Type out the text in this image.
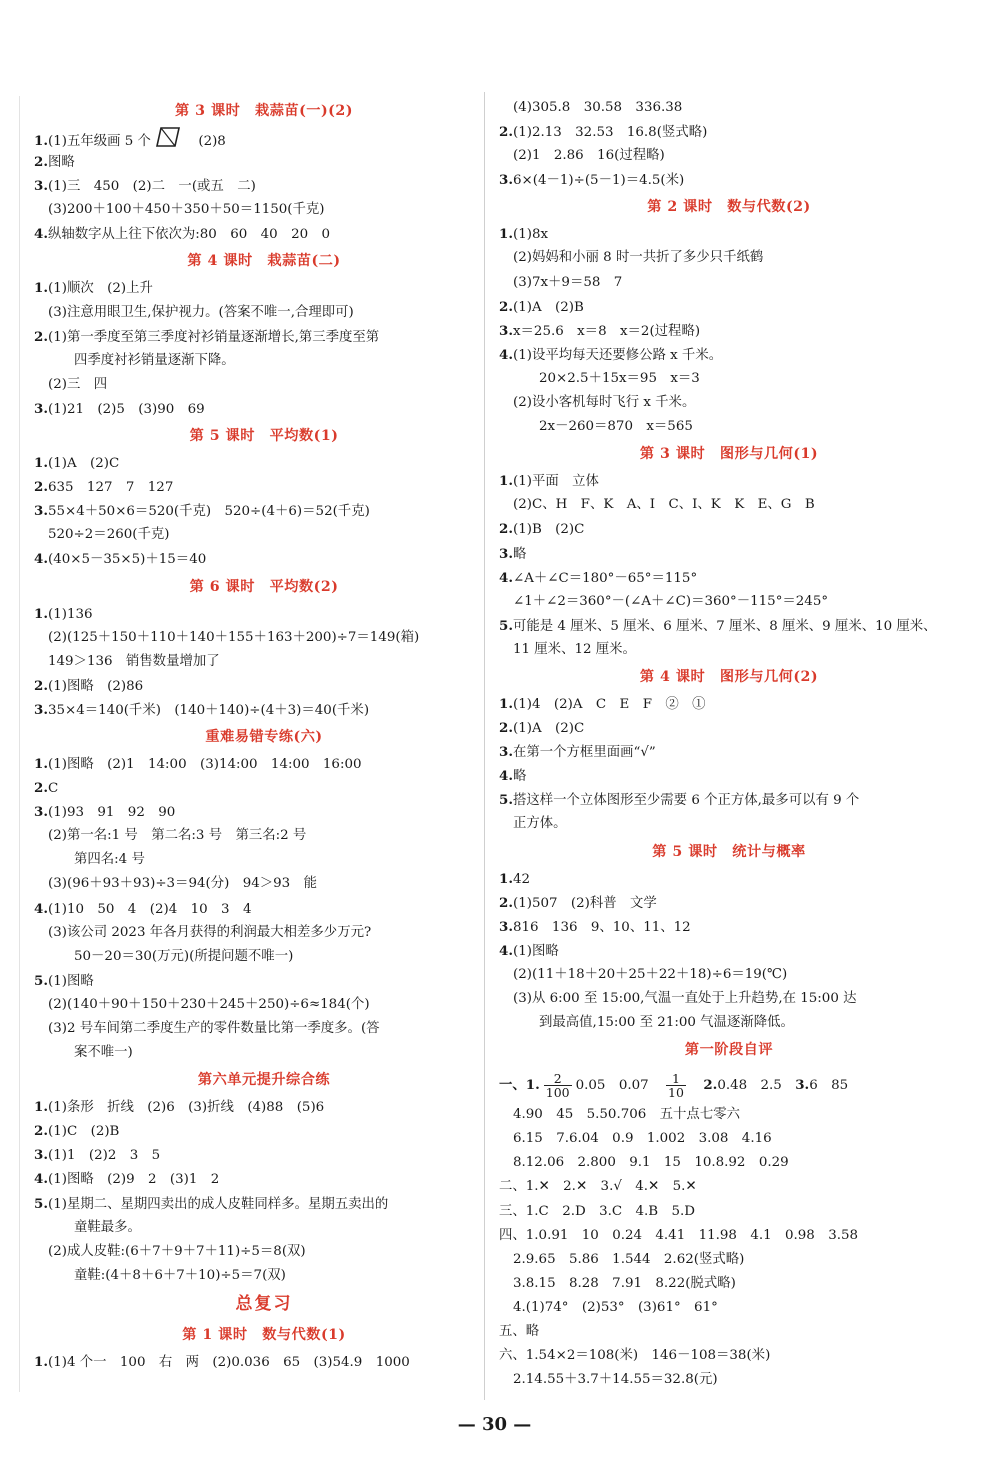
第 3 课时　栽蒜苗(一)(2)
1.(1)五年级画 5 个	　(2)8
2.图略
3.(1)三　450　(2)二　一(或五　二)
(3)200＋100＋450＋350＋50＝1150(千克)
4.纵轴数字从上往下依次为:80　60　40　20　0
第 4 课时　栽蒜苗(二)
1.(1)顺次　(2)上升
(3)注意用眼卫生,保护视力。(答案不唯一,合理即可)
2.(1)第一季度至第三季度衬衫销量逐渐增长,第三季度至第
四季度衬衫销量逐渐下降。
(2)三　四
3.(1)21　(2)5　(3)90　69
第 5 课时　平均数(1)
1.(1)A　(2)C
2.635　127　7　127
3.55×4＋50×6＝520(千克)　520÷(4＋6)＝52(千克)
520÷2＝260(千克)
4.(40×5－35×5)＋15＝40
第 6 课时　平均数(2)
1.(1)136
(2)(125＋150＋110＋140＋155＋163＋200)÷7＝149(箱)
149＞136　销售数量增加了
2.(1)图略　(2)86
3.35×4＝140(千米)　(140＋140)÷(4＋3)＝40(千米)
重难易错专练(六)
1.(1)图略　(2)1　14:00　(3)14:00　14:00　16:00
2.C
3.(1)93　91　92　90
(2)第一名:1 号　第二名:3 号　第三名:2 号
第四名:4 号
(3)(96＋93＋93)÷3＝94(分)　94＞93　能
4.(1)10　50　4　(2)4　10　3　4
(3)该公司 2023 年各月获得的利润最大相差多少万元?
50－20＝30(万元)(所提问题不唯一)
5.(1)图略
(2)(140＋90＋150＋230＋245＋250)÷6≈184(个)
(3)2 号车间第二季度生产的零件数量比第一季度多。(答
案不唯一)
第六单元提升综合练
1.(1)条形　折线　(2)6　(3)折线　(4)88　(5)6
2.(1)C　(2)B
3.(1)1　(2)2　3　5
4.(1)图略　(2)9　2　(3)1　2
5.(1)星期二、星期四卖出的成人皮鞋同样多。星期五卖出的
童鞋最多。
(2)成人皮鞋:(6＋7＋9＋7＋11)÷5＝8(双)
童鞋:(4＋8＋6＋7＋10)÷5＝7(双)
总复习
第 1 课时　数与代数(1)
1.(1)4 个一　100　右　两　(2)0.036　65　(3)54.9　1000
(4)305.8　30.58　336.38
2.(1)2.13　32.53　16.8(竖式略)
(2)1　2.86　16(过程略)
3.6×(4－1)÷(5－1)＝4.5(米)
第 2 课时　数与代数(2)
1.(1)8x
(2)妈妈和小丽 8 时一共折了多少只千纸鹤
(3)7x＋9＝58　7
2.(1)A　(2)B
3.x＝25.6　x＝8　x＝2(过程略)
4.(1)设平均每天还要修公路 x 千米。
20×2.5＋15x＝95　x＝3
(2)设小客机每时飞行 x 千米。
2x－260＝870　x＝565
第 3 课时　图形与几何(1)
1.(1)平面　立体
(2)C、H　F、K　A、I　C、I、K　K　E、G　B
2.(1)B　(2)C
3.略
4.∠A＋∠C＝180°－65°＝115°
∠1＋∠2＝360°－(∠A＋∠C)＝360°－115°＝245°
5.可能是 4 厘米、5 厘米、6 厘米、7 厘米、8 厘米、9 厘米、10 厘米、
11 厘米、12 厘米。
第 4 课时　图形与几何(2)
1.(1)4　(2)A　C　E　F　②　①
2.(1)A　(2)C
3.在第一个方框里面画“√”
4.略
5.搭这样一个立体图形至少需要 6 个正方体,最多可以有 9 个
正方体。
第 5 课时　统计与概率
1.42
2.(1)507　(2)科普　文学
3.816　136　9、10、11、12
4.(1)图略
(2)(11＋18＋20＋25＋22＋18)÷6＝19(℃)
(3)从 6:00 至 15:00,气温一直处于上升趋势,在 15:00 达
到最高值,15:00 至 21:00 气温逐渐降低。
第一阶段自评
一、1. $\frac{2}{100} 0.05$　0.07　 $\frac{1}{10}$
　 2.0.48　2.5　3.6　85
4.90　45　5.50.706　五十点七零六
6.15　7.6.04　0.9　1.002　3.08　4.16
8.12.06　2.800　9.1　15　10.8.92　0.29
二、1.✕　2.✕　3.√　4.✕　5.✕
三、1.C　2.D　3.C　4.B　5.D
四、1.0.91　10　0.24　4.41　11.98　4.1　0.98　3.58
2.9.65　5.86　1.544　2.62(竖式略)
3.8.15　8.28　7.91　8.22(脱式略)
4.(1)74°　(2)53°　(3)61°　61°
五、略
六、1.54×2＝108(米)　146－108＝38(米)
2.14.55＋3.7＋14.55＝32.8(元)
— 30 —
